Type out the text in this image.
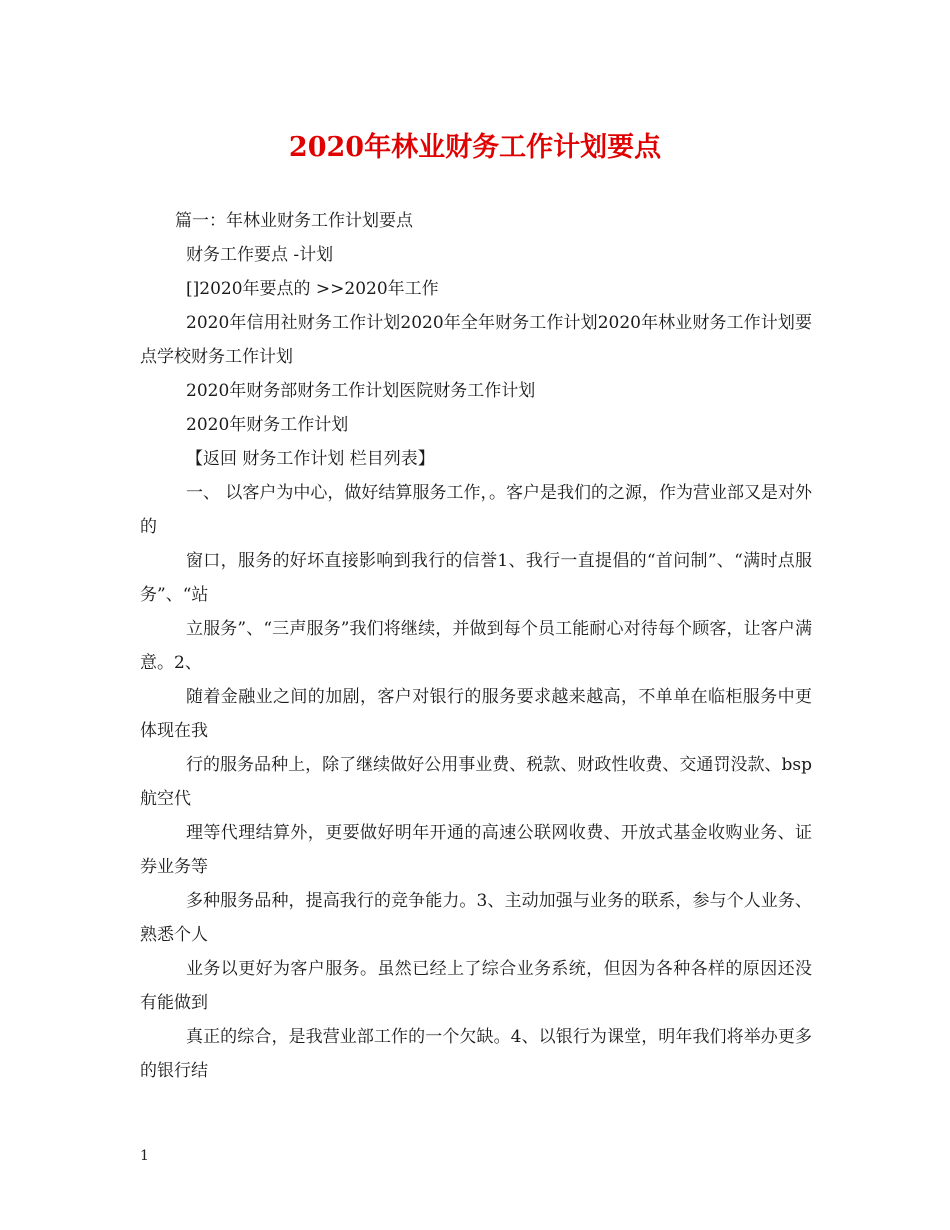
2020年林业财务工作计划要点

篇一：年林业财务工作计划要点

财务工作要点 -计划

[]2020年要点的 >>2020年工作

2020年信用社财务工作计划2020年全年财务工作计划2020年林业财务工作计划要点学校财务工作计划

2020年财务部财务工作计划医院财务工作计划

2020年财务工作计划

【返回 财务工作计划 栏目列表】

一、 以客户为中心，做好结算服务工作，。客户是我们的之源，作为营业部又是对外的

窗口，服务的好坏直接影响到我行的信誉1、我行一直提倡的“首问制”、“满时点服务”、“站

立服务”、“三声服务”我们将继续，并做到每个员工能耐心对待每个顾客，让客户满意。2、

随着金融业之间的加剧，客户对银行的服务要求越来越高，不单单在临柜服务中更体现在我

行的服务品种上，除了继续做好公用事业费、税款、财政性收费、交通罚没款、bsp航空代

理等代理结算外，更要做好明年开通的高速公联网收费、开放式基金收购业务、证券业务等

多种服务品种，提高我行的竞争能力。3、主动加强与业务的联系，参与个人业务、熟悉个人

业务以更好为客户服务。虽然已经上了综合业务系统，但因为各种各样的原因还没有能做到

真正的综合，是我营业部工作的一个欠缺。4、以银行为课堂，明年我们将举办更多的银行结

1
